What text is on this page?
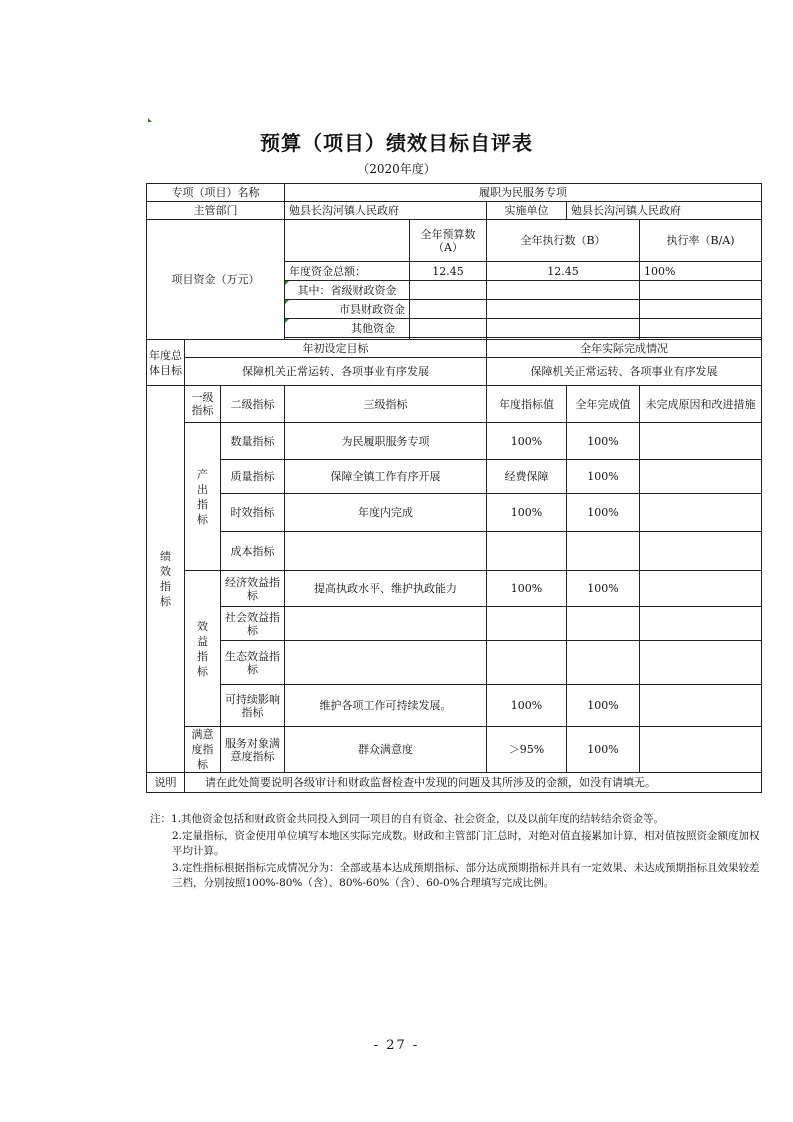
预算（项目）绩效目标自评表
（2020年度）
专项（项目）名称			履职为民服务专项				
主管部门			勉县长沟河镇人民政府		实施单位	勉县长沟河镇人民政府	
项目资金（万元）				全年预算数（A）	全年执行数（B）		执行率（B/A)
			年度资金总额：	12.45	12.45		100%
			其中：省级财政资金				
			市县财政资金				
			其他资金				

年度总体目标	年初设定目标				全年实际完成情况		
	保障机关正常运转、各项事业有序发展				保障机关正常运转、各项事业有序发展		
绩效指标	一级指标	二级指标	三级指标		年度指标值	全年完成值	未完成原因和改进措施
	产出指标	数量指标	为民履职服务专项		100%	100%	
		质量指标	保障全镇工作有序开展		经费保障	100%	
		时效指标	年度内完成		100%	100%	
		成本指标					
	效益指标	经济效益指标	提高执政水平、维护执政能力		100%	100%	
		社会效益指标					
		生态效益指标					
		可持续影响指标	维护各项工作可持续发展。		100%	100%	
	满意度指标	服务对象满意度指标	群众满意度		＞95%	100%	
说明	请在此处简要说明各级审计和财政监督检查中发现的问题及其所涉及的金额，如没有请填无。						

注：1.其他资金包括和财政资金共同投入到同一项目的自有资金、社会资金，以及以前年度的结转结余资金等。

2.定量指标，资金使用单位填写本地区实际完成数。财政和主管部门汇总时，对绝对值直接累加计算，相对值按照资金额度加权平均计算。

3.定性指标根据指标完成情况分为：全部或基本达成预期指标、部分达成预期指标并具有一定效果、未达成预期指标且效果较差三档，分别按照100%-80%（含）、80%-60%（含）、60-0%合理填写完成比例。

- 27 -
